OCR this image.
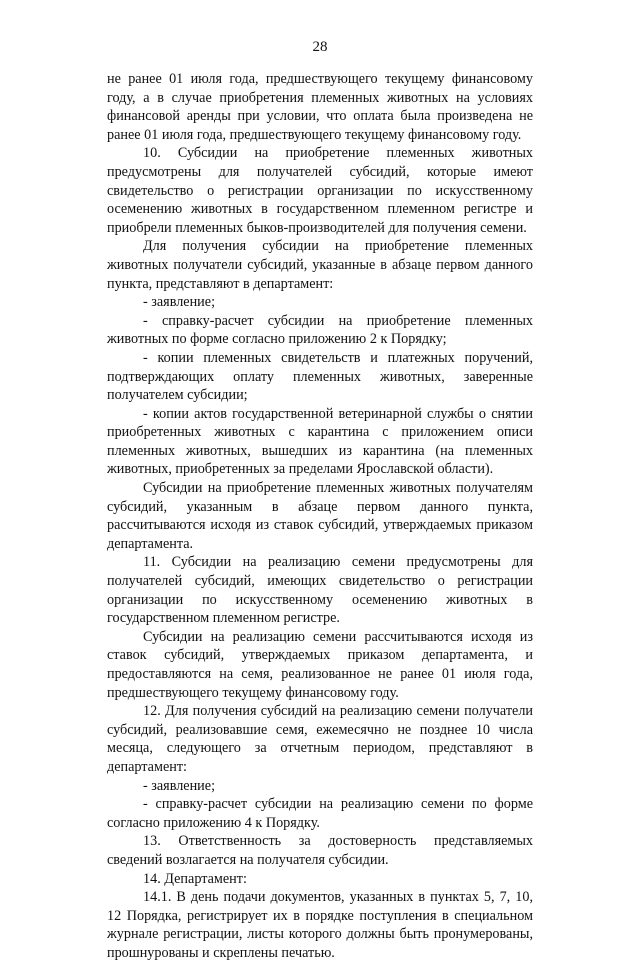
28

не ранее 01 июля года, предшествующего текущему финансовому году, а в случае приобретения племенных животных на условиях финансовой аренды при условии, что оплата была произведена не ранее 01 июля года, предшествующего текущему финансовому году.

10. Субсидии на приобретение племенных животных предусмотрены для получателей субсидий, которые имеют свидетельство о регистрации организации по искусственному осеменению животных в государственном племенном регистре и приобрели племенных быков-производителей для получения семени.

Для получения субсидии на приобретение племенных животных получатели субсидий, указанные в абзаце первом данного пункта, представляют в департамент:

- заявление;

- справку-расчет субсидии на приобретение племенных животных по форме согласно приложению 2 к Порядку;

- копии племенных свидетельств и платежных поручений, подтверждающих оплату племенных животных, заверенные получателем субсидии;

- копии актов государственной ветеринарной службы о снятии приобретенных животных с карантина с приложением описи племенных животных, вышедших из карантина (на племенных животных, приобретенных за пределами Ярославской области).

Субсидии на приобретение племенных животных получателям субсидий, указанным в абзаце первом данного пункта, рассчитываются исходя из ставок субсидий, утверждаемых приказом департамента.

11. Субсидии на реализацию семени предусмотрены для получателей субсидий, имеющих свидетельство о регистрации организации по искусственному осеменению животных в государственном племенном регистре.

Субсидии на реализацию семени рассчитываются исходя из ставок субсидий, утверждаемых приказом департамента, и предоставляются на семя, реализованное не ранее 01 июля года, предшествующего текущему финансовому году.

12. Для получения субсидий на реализацию семени получатели субсидий, реализовавшие семя, ежемесячно не позднее 10 числа месяца, следующего за отчетным периодом, представляют в департамент:

- заявление;

- справку-расчет субсидии на реализацию семени по форме согласно приложению 4 к Порядку.

13. Ответственность за достоверность представляемых сведений возлагается на получателя субсидии.

14. Департамент:

14.1. В день подачи документов, указанных в пунктах 5, 7, 10, 12 Порядка, регистрирует их в порядке поступления в специальном журнале регистрации, листы которого должны быть пронумерованы, прошнурованы и скреплены печатью.
